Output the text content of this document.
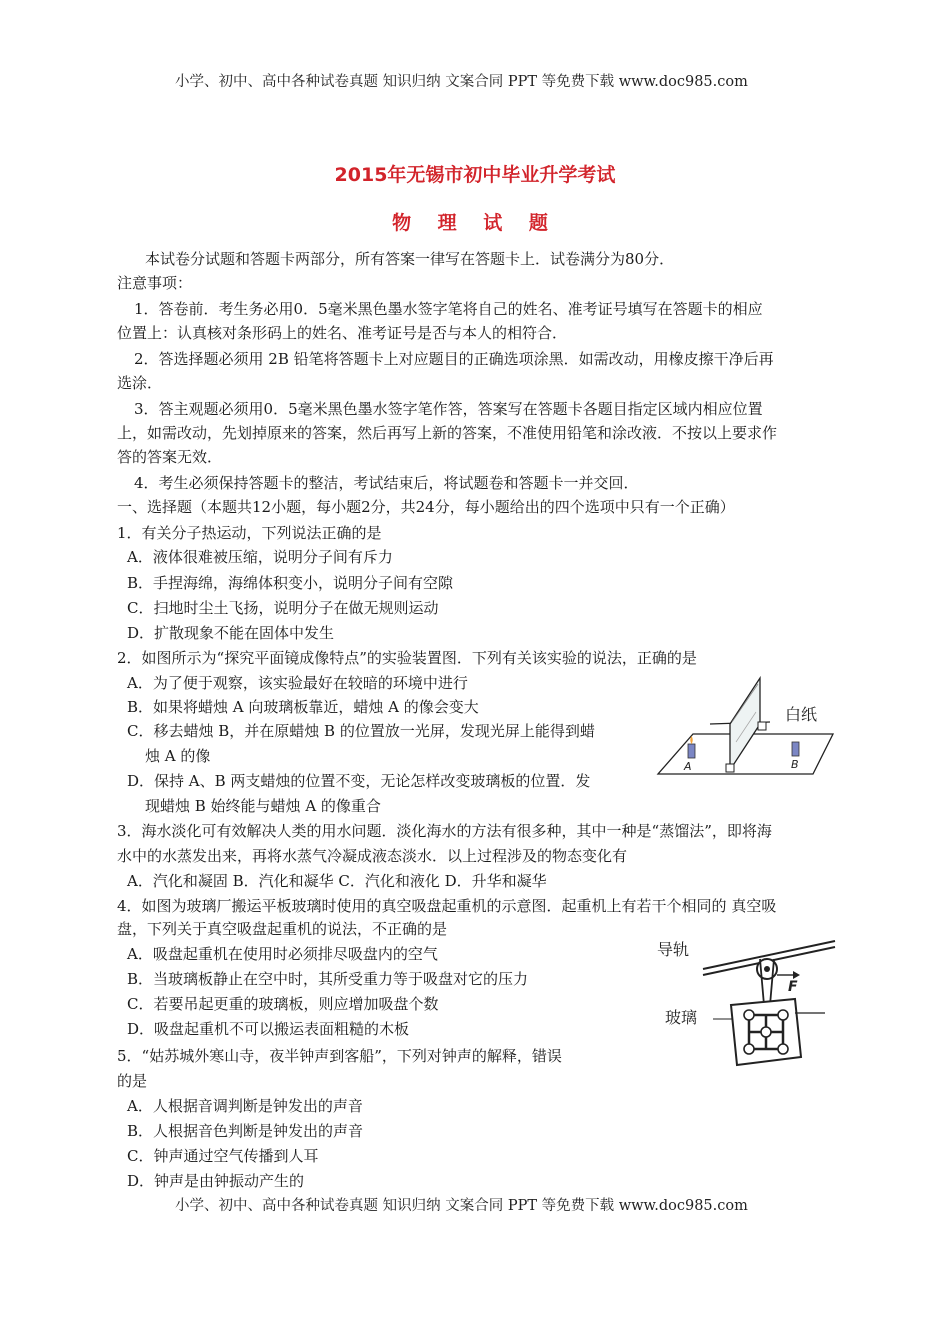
小学、初中、高中各种试卷真题 知识归纳 文案合同 PPT 等免费下载 www.doc985.com
2015年无锡市初中毕业升学考试
物 理 试 题
本试卷分试题和答题卡两部分，所有答案一律写在答题卡上．试卷满分为80分．
注意事项：
1．答卷前．考生务必用0．5毫米黑色墨水签字笔将自己的姓名、准考证号填写在答题卡的相应
位置上：认真核对条形码上的姓名、准考证号是否与本人的相符合．
2．答选择题必须用 2B 铅笔将答题卡上对应题目的正确选项涂黑．如需改动，用橡皮擦干净后再
选涂．
3．答主观题必须用0．5毫米黑色墨水签字笔作答，答案写在答题卡各题目指定区域内相应位置
上，如需改动，先划掉原来的答案，然后再写上新的答案，不准使用铅笔和涂改液．不按以上要求作
答的答案无效．
4．考生必须保持答题卡的整洁，考试结束后，将试题卷和答题卡一并交回．
一、选择题（本题共12小题，每小题2分，共24分，每小题给出的四个选项中只有一个正确）
1．有关分子热运动，下列说法正确的是
A．液体很难被压缩，说明分子间有斥力
B．手捏海绵，海绵体积变小，说明分子间有空隙
C．扫地时尘土飞扬，说明分子在做无规则运动
D．扩散现象不能在固体中发生
2．如图所示为“探究平面镜成像特点”的实验装置图．下列有关该实验的说法，正确的是
A．为了便于观察，该实验最好在较暗的环境中进行
B．如果将蜡烛 A 向玻璃板靠近，蜡烛 A 的像会变大
C．移去蜡烛 B，并在原蜡烛 B 的位置放一光屏，发现光屏上能得到蜡
烛 A 的像
D．保持 A、B 两支蜡烛的位置不变，无论怎样改变玻璃板的位置．发
现蜡烛 B 始终能与蜡烛 A 的像重合
白纸
A	B
3．海水淡化可有效解决人类的用水问题．淡化海水的方法有很多种，其中一种是“蒸馏法”，即将海
水中的水蒸发出来，再将水蒸气冷凝成液态淡水．以上过程涉及的物态变化有
A．汽化和凝固 B．汽化和凝华 C．汽化和液化 D．升华和凝华
4．如图为玻璃厂搬运平板玻璃时使用的真空吸盘起重机的示意图．起重机上有若干个相同的 真空吸
盘，下列关于真空吸盘起重机的说法，不正确的是
A．吸盘起重机在使用时必须排尽吸盘内的空气
B．当玻璃板静止在空中时，其所受重力等于吸盘对它的压力
C．若要吊起更重的玻璃板，则应增加吸盘个数
D．吸盘起重机不可以搬运表面粗糙的木板
导轨
F
玻璃
5．“姑苏城外寒山寺，夜半钟声到客船”，下列对钟声的解释，错误
的是
A．人根据音调判断是钟发出的声音
B．人根据音色判断是钟发出的声音
C．钟声通过空气传播到人耳
D．钟声是由钟振动产生的
小学、初中、高中各种试卷真题 知识归纳 文案合同 PPT 等免费下载 www.doc985.com
